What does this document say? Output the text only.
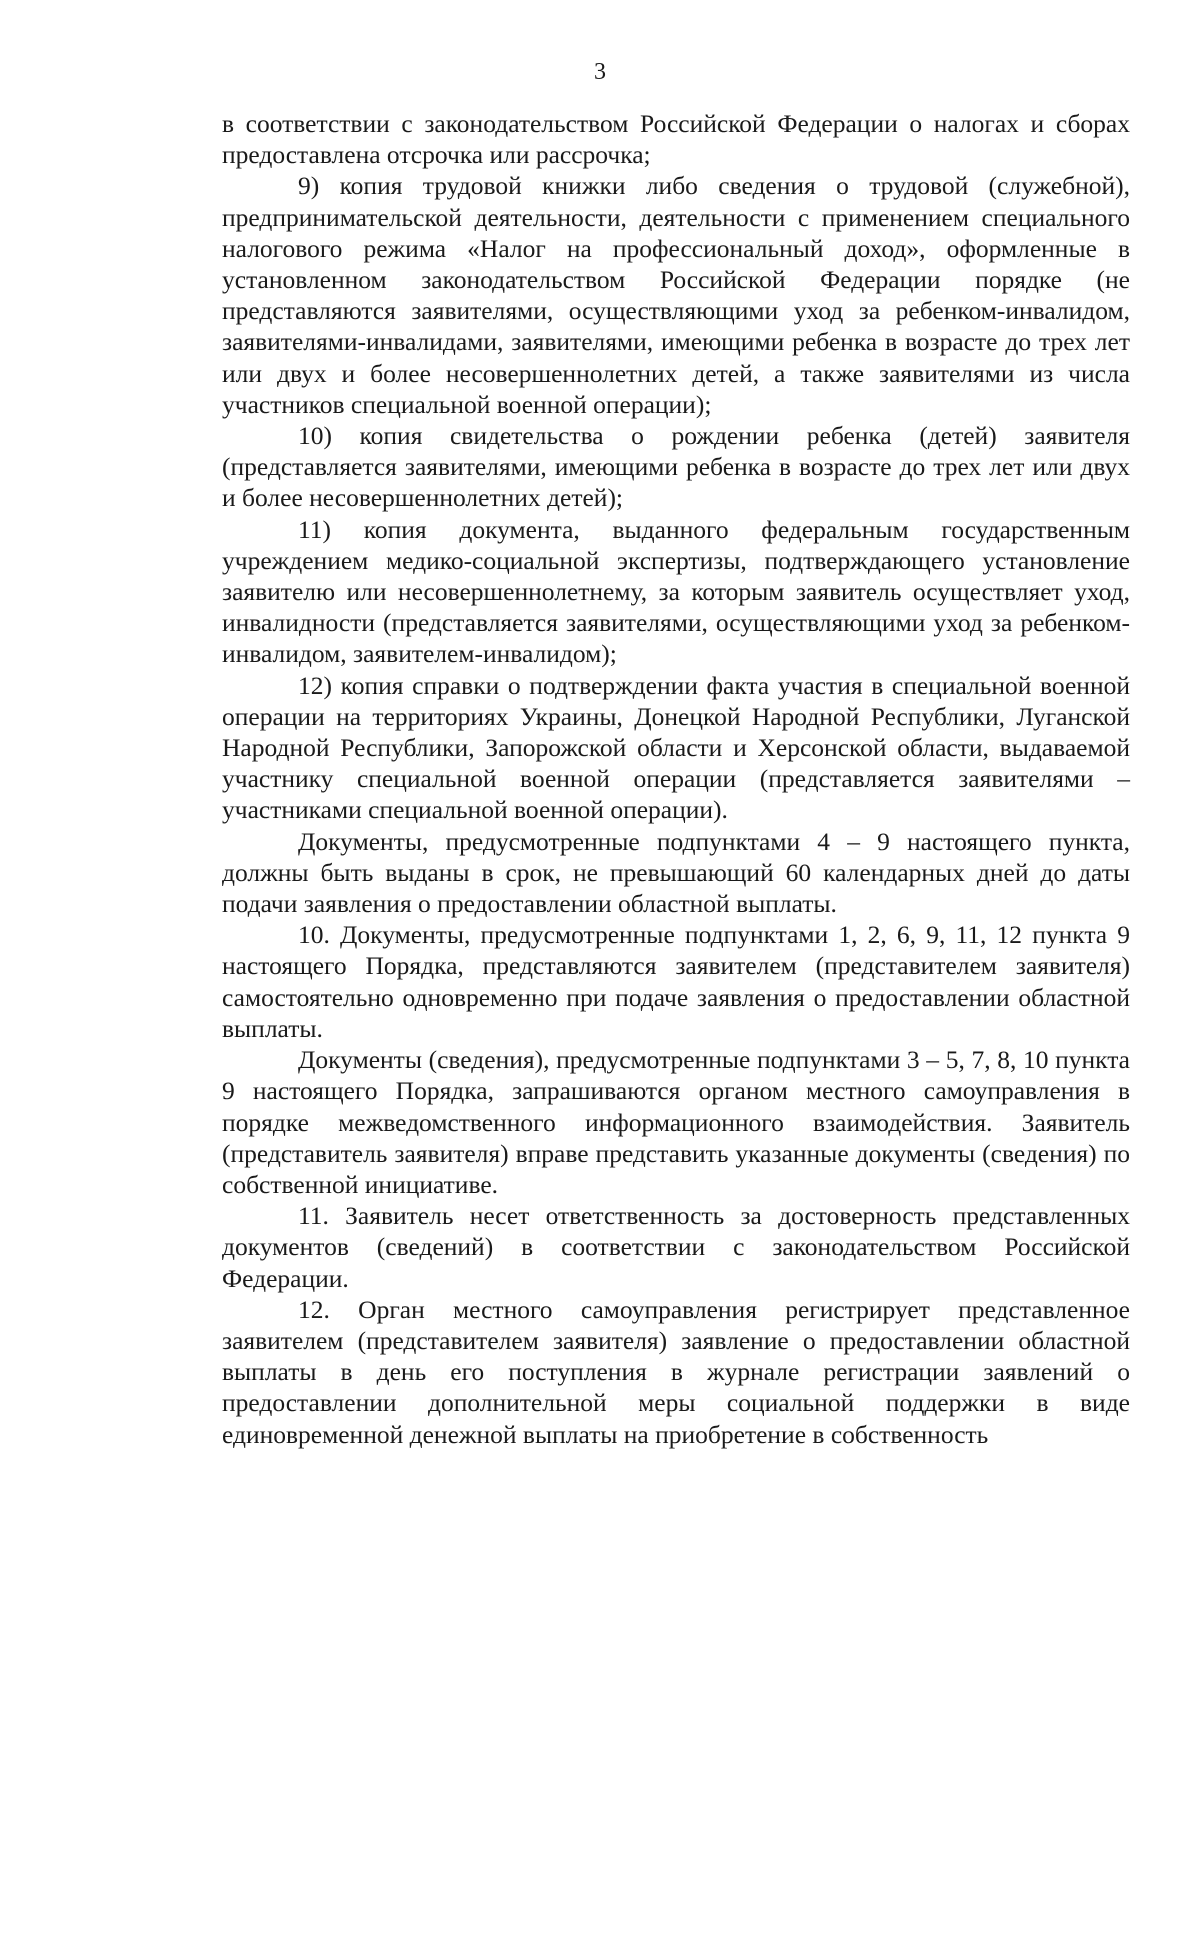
3

в соответствии с законодательством Российской Федерации о налогах и сборах предоставлена отсрочка или рассрочка;

9) копия трудовой книжки либо сведения о трудовой (служебной), предпринимательской деятельности, деятельности с применением специального налогового режима «Налог на профессиональный доход», оформленные в установленном законодательством Российской Федерации порядке (не представляются заявителями, осуществляющими уход за ребенком-инвалидом, заявителями-инвалидами, заявителями, имеющими ребенка в возрасте до трех лет или двух и более несовершеннолетних детей, а также заявителями из числа участников специальной военной операции);

10) копия свидетельства о рождении ребенка (детей) заявителя (представляется заявителями, имеющими ребенка в возрасте до трех лет или двух и более несовершеннолетних детей);

11) копия документа, выданного федеральным государственным учреждением медико-социальной экспертизы, подтверждающего установление заявителю или несовершеннолетнему, за которым заявитель осуществляет уход, инвалидности (представляется заявителями, осуществляющими уход за ребенком-инвалидом, заявителем-инвалидом);

12) копия справки о подтверждении факта участия в специальной военной операции на территориях Украины, Донецкой Народной Республики, Луганской Народной Республики, Запорожской области и Херсонской области, выдаваемой участнику специальной военной операции (представляется заявителями – участниками специальной военной операции).

Документы, предусмотренные подпунктами 4 – 9 настоящего пункта, должны быть выданы в срок, не превышающий 60 календарных дней до даты подачи заявления о предоставлении областной выплаты.

10. Документы, предусмотренные подпунктами 1, 2, 6, 9, 11, 12 пункта 9 настоящего Порядка, представляются заявителем (представителем заявителя) самостоятельно одновременно при подаче заявления о предоставлении областной выплаты.

Документы (сведения), предусмотренные подпунктами 3 – 5, 7, 8, 10 пункта 9 настоящего Порядка, запрашиваются органом местного самоуправления в порядке межведомственного информационного взаимодействия. Заявитель (представитель заявителя) вправе представить указанные документы (сведения) по собственной инициативе.

11. Заявитель несет ответственность за достоверность представленных документов (сведений) в соответствии с законодательством Российской Федерации.

12. Орган местного самоуправления регистрирует представленное заявителем (представителем заявителя) заявление о предоставлении областной выплаты в день его поступления в журнале регистрации заявлений о предоставлении дополнительной меры социальной поддержки в виде единовременной денежной выплаты на приобретение в собственность
